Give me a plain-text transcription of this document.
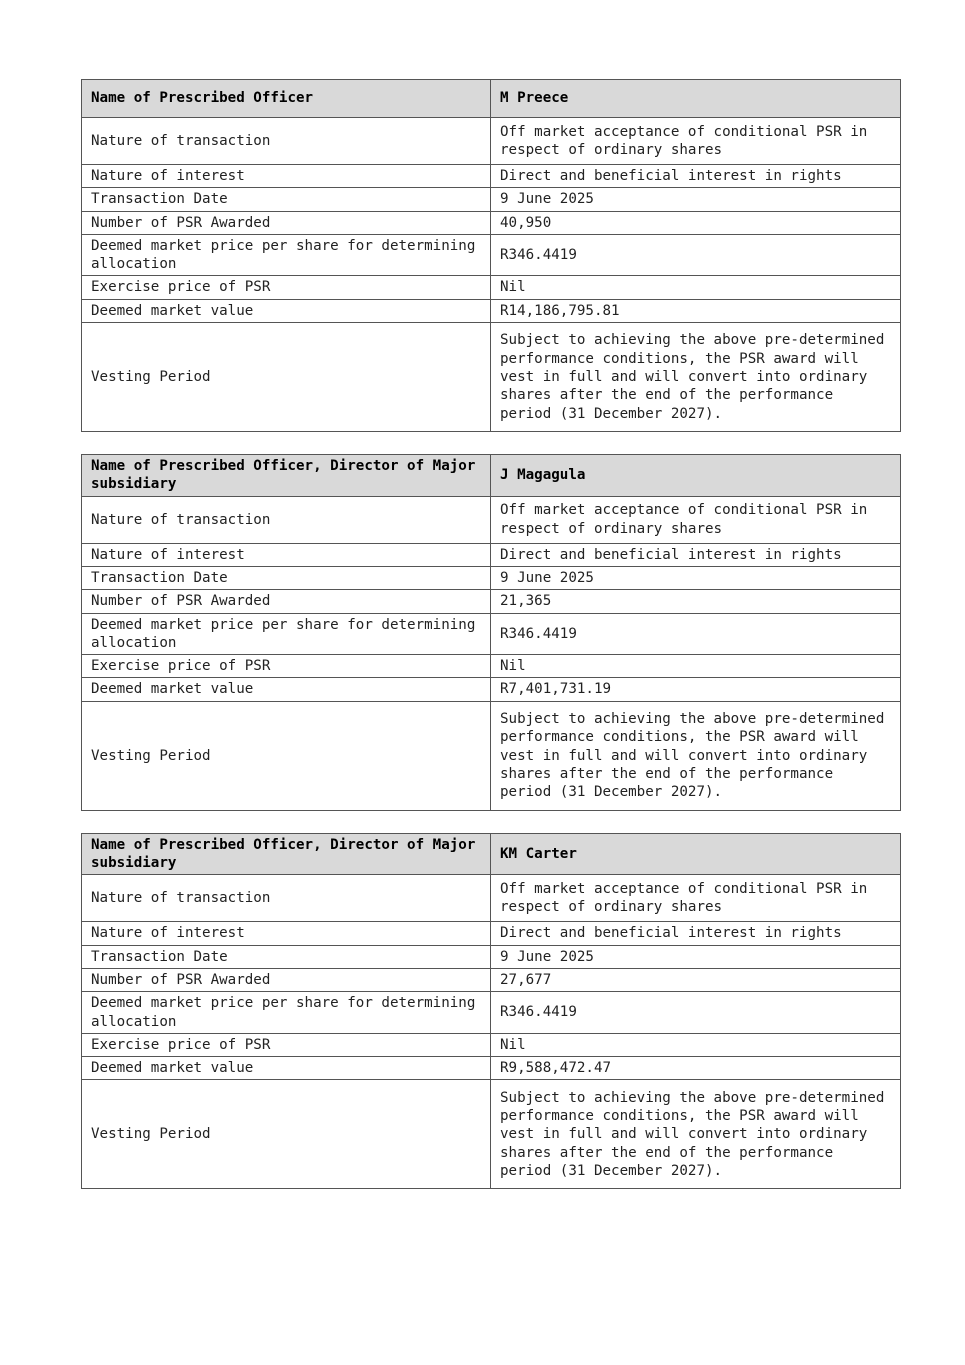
Name of Prescribed Officer	M Preece
Nature of transaction	Off market acceptance of conditional PSR in respect of ordinary shares
Nature of interest	Direct and beneficial interest in rights
Transaction Date	9 June 2025
Number of PSR Awarded	40,950
Deemed market price per share for determining allocation	R346.4419
Exercise price of PSR	Nil
Deemed market value	R14,186,795.81
Vesting Period	Subject to achieving the above pre-determined performance conditions, the PSR award will vest in full and will convert into ordinary shares after the end of the performance period (31 December 2027).
Name of Prescribed Officer, Director of Major subsidiary	J Magagula
Nature of transaction	Off market acceptance of conditional PSR in respect of ordinary shares
Nature of interest	Direct and beneficial interest in rights
Transaction Date	9 June 2025
Number of PSR Awarded	21,365
Deemed market price per share for determining allocation	R346.4419
Exercise price of PSR	Nil
Deemed market value	R7,401,731.19
Vesting Period	Subject to achieving the above pre-determined performance conditions, the PSR award will vest in full and will convert into ordinary shares after the end of the performance period (31 December 2027).
Name of Prescribed Officer, Director of Major subsidiary	KM Carter
Nature of transaction	Off market acceptance of conditional PSR in respect of ordinary shares
Nature of interest	Direct and beneficial interest in rights
Transaction Date	9 June 2025
Number of PSR Awarded	27,677
Deemed market price per share for determining allocation	R346.4419
Exercise price of PSR	Nil
Deemed market value	R9,588,472.47
Vesting Period	Subject to achieving the above pre-determined performance conditions, the PSR award will vest in full and will convert into ordinary shares after the end of the performance period (31 December 2027).
